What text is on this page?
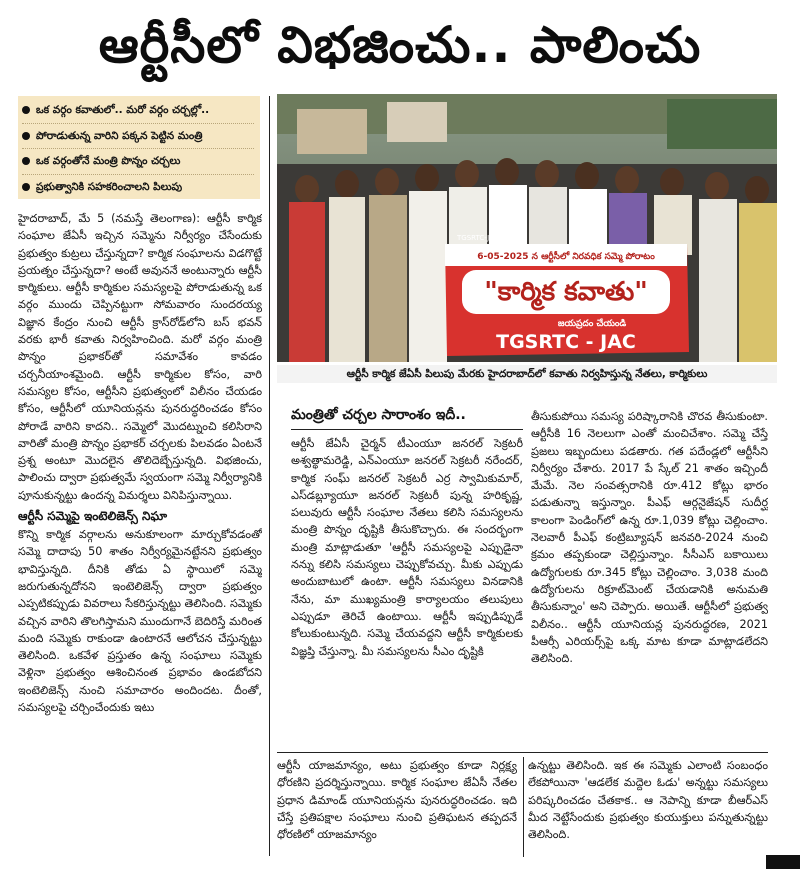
ఆర్టీసీలో విభజించు.. పాలించు
ఒక వర్గం కవాతులో.. మరో వర్గం చర్చల్లో..
పోరాడుతున్న వారిని పక్కన పెట్టిన మంత్రి
ఒక వర్గంతోనే మంత్రి పొన్నం చర్చలు
ప్రభుత్వానికి సహకరించాలని పిలుపు

హైదరాబాద్, మే 5 (నమస్తే తెలంగాణ): ఆర్టీసీ కార్మిక సంఘాల జేఏసీ ఇచ్చిన సమ్మెను నిర్వీర్యం చేసేందుకు ప్రభుత్వం కుట్రలు చేస్తున్నదా? కార్మిక సంఘాలను విడగొట్టే ప్రయత్నం చేస్తున్నదా? అంటే అవుననే అంటున్నారు ఆర్టీసీ కార్మికులు. ఆర్టీసీ కార్మికుల సమస్యలపై పోరాడుతున్న ఒక వర్గం ముందు చెప్పినట్టుగా సోమవారం సుందరయ్య విజ్ఞాన కేంద్రం నుంచి ఆర్టీసీ క్రాస్‌రోడ్‌లోని బస్ భవన్ వరకు భారీ కవాతు నిర్వహించింది. మరో వర్గం మంత్రి పొన్నం ప్రభాకర్‌తో సమావేశం కావడం చర్చనీయాంశమైంది. ఆర్టీసీ కార్మికుల కోసం, వారి సమస్యల కోసం, ఆర్టీసీని ప్రభుత్వంలో విలీనం చేయడం కోసం, ఆర్టీసీలో యూనియన్లను పునరుద్ధరించడం కోసం పోరాడే వారిని కాదని.. సమ్మెలో మొదట్నుంచి కలిసిరాని వారితో మంత్రి పొన్నం ప్రభాకర్ చర్చలకు పిలవడం ఏంటనే ప్రశ్న అంటూ మొదలైన తొలిదెబ్బేస్తున్నది. విభజించు, పాలించు ద్వారా ప్రభుత్వమే స్వయంగా సమ్మె నిర్వీర్యానికి పూనుకున్నట్టు ఉందన్న విమర్శలు వినిపిస్తున్నాయి.

ఆర్టీసీ సమ్మెపై ఇంటెలిజెన్స్ నిఘా

కొన్ని కార్మిక వర్గాలను అనుకూలంగా మార్చుకోవడంతో సమ్మె దాదాపు 50 శాతం నిర్వీర్యమైనట్టేనని ప్రభుత్వం భావిస్తున్నది. దీనికి తోడు ఏ స్థాయిలో సమ్మె జరుగుతున్నదోనని ఇంటెలిజెన్స్ ద్వారా ప్రభుత్వం ఎప్పటికప్పుడు వివరాలు సేకరిస్తున్నట్టు తెలిసింది. సమ్మెకు వచ్చిన వారిని తొలగిస్తామని ముందుగానే బెదిరిస్తే మరింత మంది సమ్మెకు రాకుండా ఉంటారనే ఆలోచన చేస్తున్నట్టు తెలిసింది. ఒకవేళ ప్రస్తుతం ఉన్న సంఘాలు సమ్మెకు వెళ్లినా ప్రభుత్వం ఆశించినంత ప్రభావం ఉండబోదని ఇంటెలిజెన్స్ నుంచి సమాచారం అందిందట. దీంతో, సమస్యలపై చర్చించేందుకు ఇటు

6-05-2025 న ఆర్టీసీలో నిరవధిక సమ్మె పోరాటం
"కార్మిక కవాతు"
జయప్రదం చేయండి
TGSRTC - JAC
TGSRTC-JAC
ఆర్టీసీ కార్మిక జేఏసీ పిలుపు మేరకు హైదరాబాద్‌లో కవాతు నిర్వహిస్తున్న నేతలు, కార్మికులు
మంత్రితో చర్చల సారాంశం ఇదీ..
ఆర్టీసీ జేఏసీ చైర్మన్ టీఎంయూ జనరల్ సెక్రటరీ అశ్వత్థామరెడ్డి, ఎన్ఎంయూ జనరల్ సెక్రటరీ నరేందర్, కార్మిక సంఘ్ జనరల్ సెక్రటరీ ఎర్ర స్వామికుమార్, ఎస్‌డబ్ల్యూయూ జనరల్ సెక్రటరీ పున్న హరికృష్ణ, పలువురు ఆర్టీసీ సంఘాల నేతలు కలిసి సమస్యలను మంత్రి పొన్నం దృష్టికి తీసుకొచ్చారు. ఈ సందర్భంగా మంత్రి మాట్లాడుతూ 'ఆర్టీసీ సమస్యలపై ఎప్పుడైనా నన్ను కలిసి సమస్యలు చెప్పుకోవచ్చు. మీకు ఎప్పుడు అందుబాటులో ఉంటా. ఆర్టీసీ సమస్యలు వినడానికి నేను, మా ముఖ్యమంత్రి కార్యాలయం తలుపులు ఎప్పుడూ తెరిచే ఉంటాయి. ఆర్టీసీ ఇప్పుడిప్పుడే కోలుకుంటున్నది. సమ్మె చేయవద్దని ఆర్టీసీ కార్మికులకు విజ్ఞప్తి చేస్తున్నా. మీ సమస్యలను సీఎం దృష్టికి
తీసుకుపోయి సమస్య పరిష్కారానికి చొరవ తీసుకుంటా. ఆర్టీసీకి 16 నెలలుగా ఎంతో మంచిచేశాం. సమ్మె చేస్తే ప్రజలు ఇబ్బందులు పడతారు. గత పదేండ్లలో ఆర్టీసీని నిర్వీర్యం చేశారు. 2017 పే స్కేల్ 21 శాతం ఇచ్చిందీ మేమే. నెల సంవత్సరానికి రూ.412 కోట్లు భారం పడుతున్నా ఇస్తున్నాం. పీఎఫ్ ఆర్గనైజేషన్ సుదీర్ఘ కాలంగా పెండింగ్‌లో ఉన్న రూ.1,039 కోట్లు చెల్లించాం. నెలవారీ పీఎఫ్ కంట్రిబ్యూషన్ జనవరి-2024 నుంచి క్రమం తప్పకుండా చెల్లిస్తున్నాం. సీసీఎస్ బకాయిలు ఉద్యోగులకు రూ.345 కోట్లు చెల్లించాం. 3,038 మంది ఉద్యోగులను రిక్రూట్‌మెంట్ చేయడానికి అనుమతి తీసుకున్నాం' అని చెప్పారు. అయితే. ఆర్టీసీలో ప్రభుత్వ విలీనం.. ఆర్టీసీ యూనియన్ల పునరుద్ధరణ, 2021 పీఆర్సీ ఎరియర్స్‌పై ఒక్క మాట కూడా మాట్లాడలేదని తెలిసింది.
ఆర్టీసీ యాజమాన్యం, అటు ప్రభుత్వం కూడా నిర్లక్ష్య ధోరణిని ప్రదర్శిస్తున్నాయి. కార్మిక సంఘాల జేఏసీ నేతల ప్రధాన డిమాండ్ యూనియన్లను పునరుద్ధరించడం. ఇది చేస్తే ప్రతిపక్షాల సంఘాలు నుంచి ప్రతిఘటన తప్పదనే ధోరణిలో యాజమాన్యం
ఉన్నట్టు తెలిసింది. ఇక ఈ సమ్మెకు ఎలాంటి సంబంధం లేకపోయినా 'ఆడలేక మద్దెల ఓడు' అన్నట్టు సమస్యలు పరిష్కరించడం చేతకాక.. ఆ నెపాన్ని కూడా బీఆర్ఎస్ మీద నెట్టేసేందుకు ప్రభుత్వం కుయుక్తులు పన్నుతున్నట్టు తెలిసింది.
